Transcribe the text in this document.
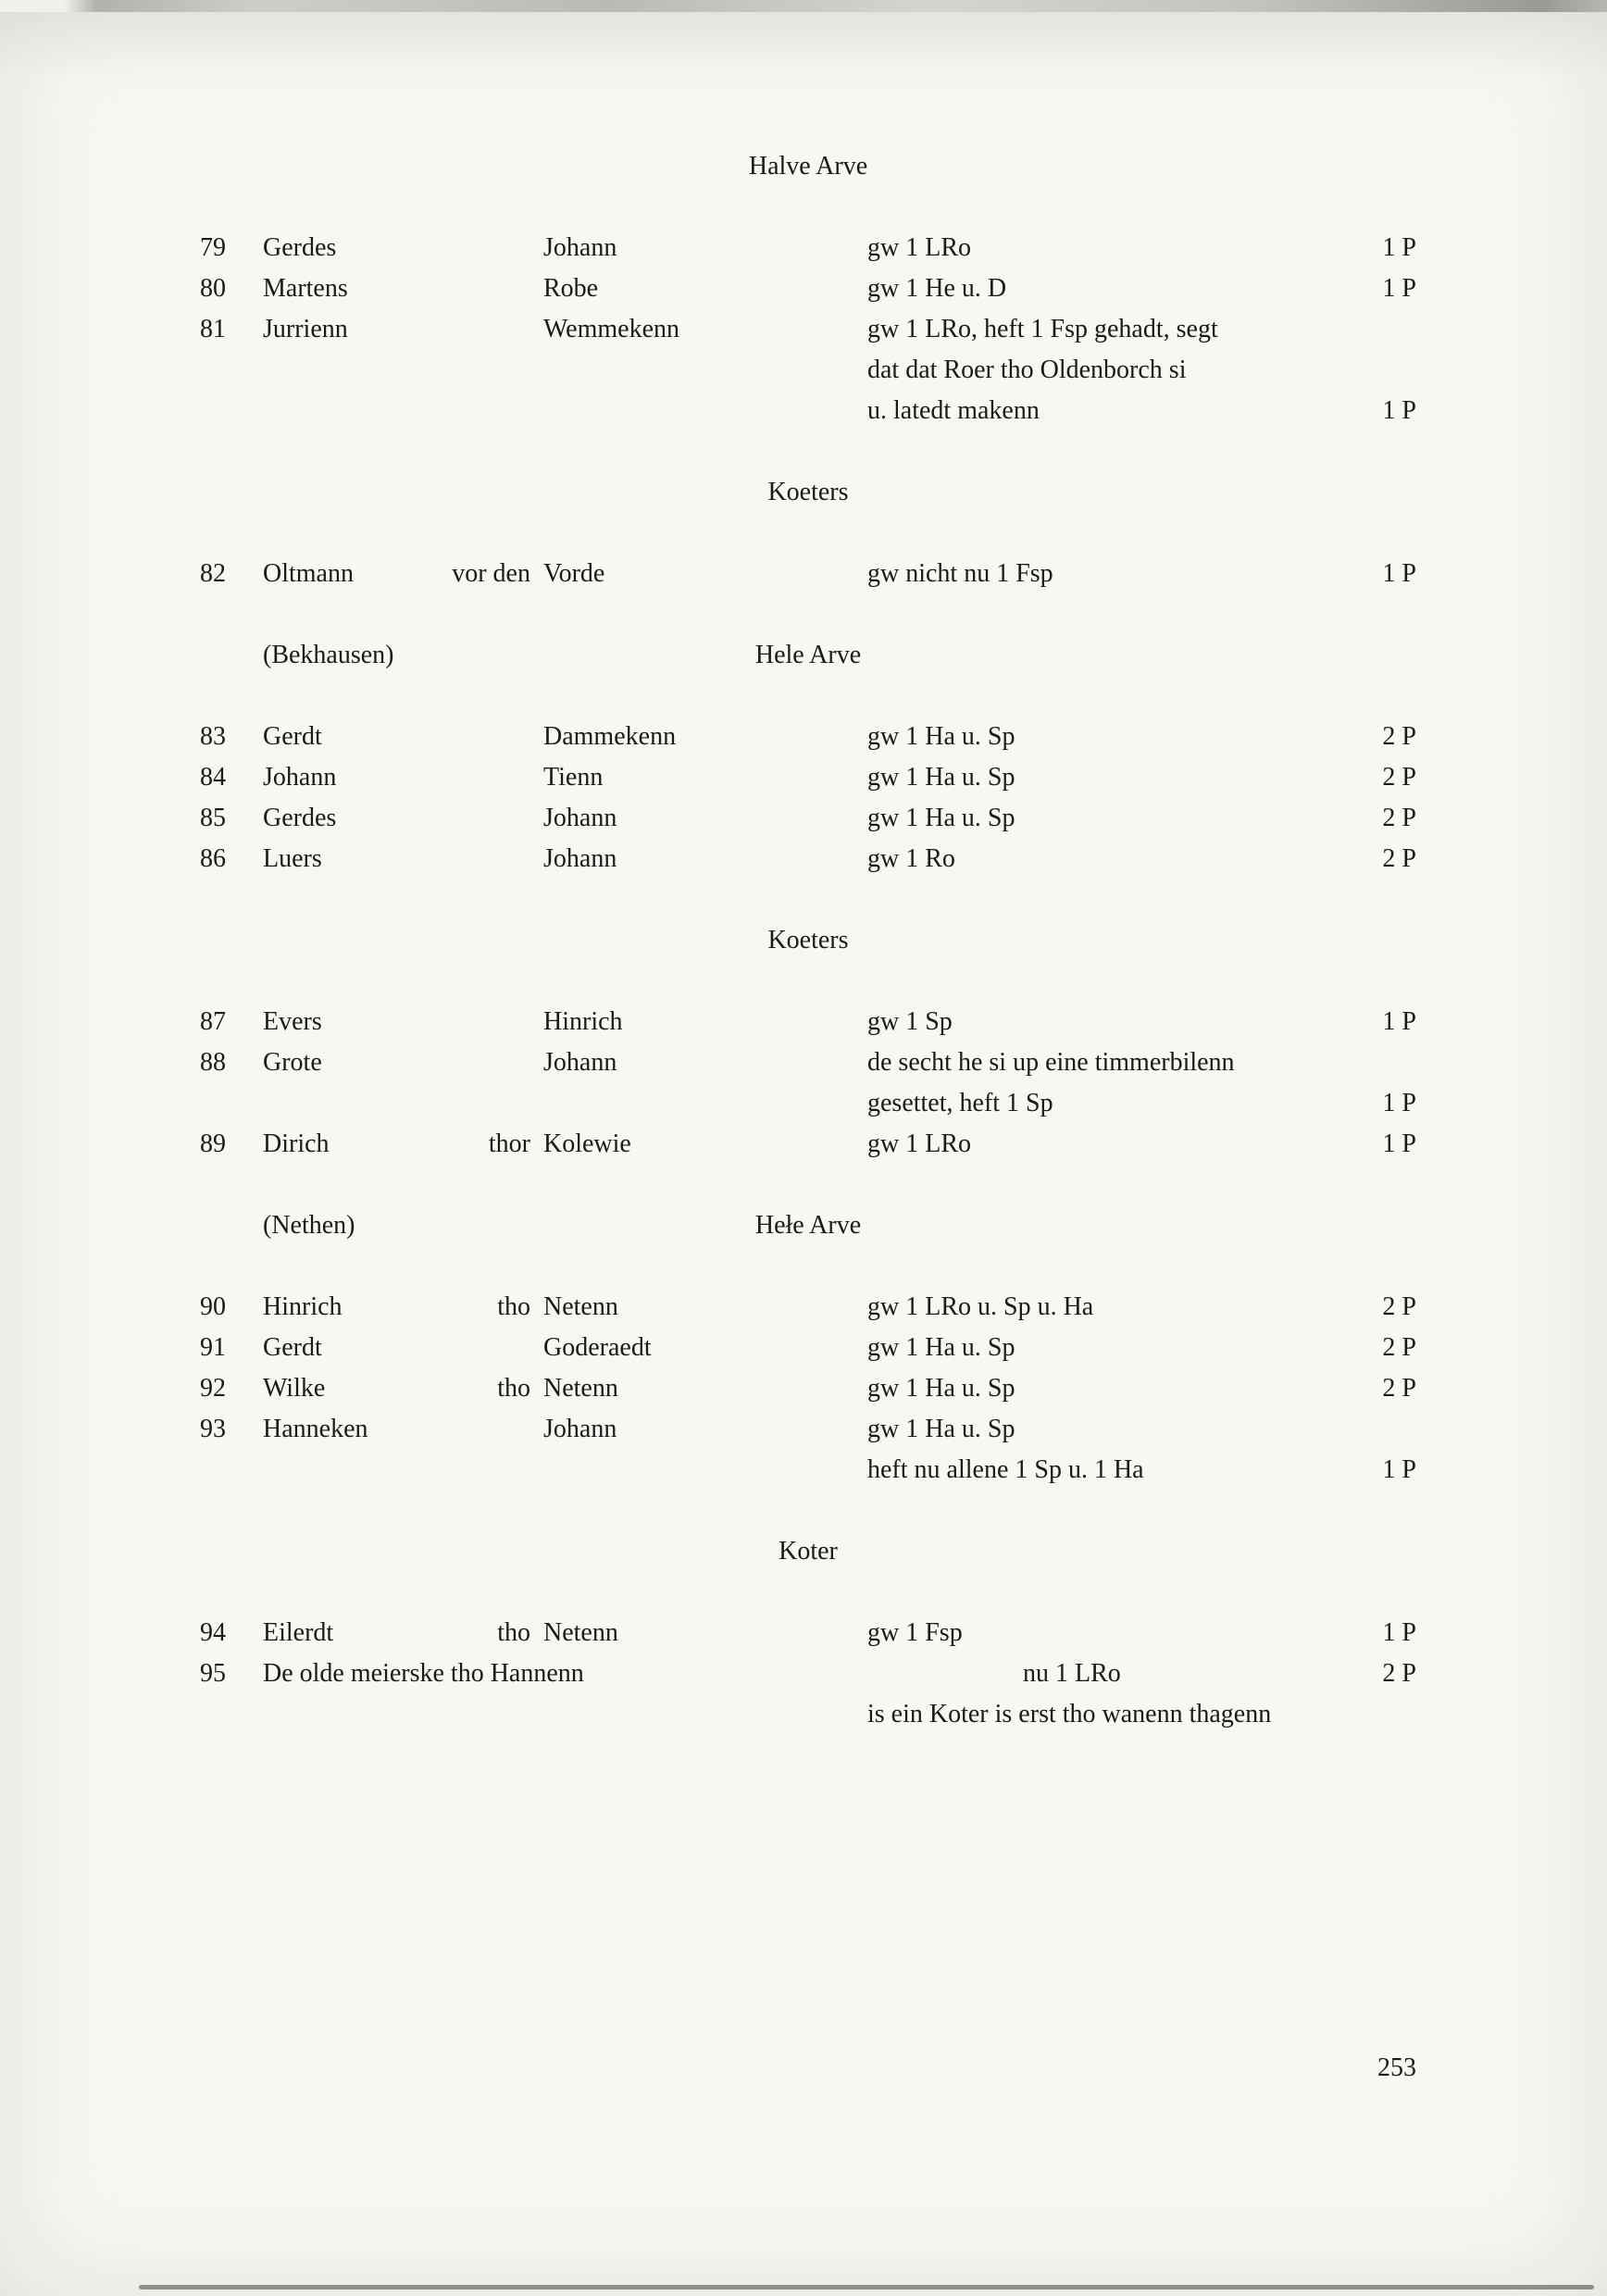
Halve Arve
79	Gerdes	Johann	gw 1 LRo	1 P
80	Martens	Robe	gw 1 He u. D	1 P
81	Jurrienn	Wemmekenn	gw 1 LRo, heft 1 Fsp gehadt, segt
dat dat Roer tho Oldenborch si
u. latedt makenn	1 P
Koeters
82	Oltmann	vor den Vorde	gw nicht nu 1 Fsp	1 P
(Bekhausen)	Hele Arve
83	Gerdt	Dammekenn	gw 1 Ha u. Sp	2 P
84	Johann	Tienn	gw 1 Ha u. Sp	2 P
85	Gerdes	Johann	gw 1 Ha u. Sp	2 P
86	Luers	Johann	gw 1 Ro	2 P
Koeters
87	Evers	Hinrich	gw 1 Sp	1 P
88	Grote	Johann	de secht he si up eine timmerbilenn
gesettet, heft 1 Sp	1 P
89	Dirich	thor Kolewie	gw 1 LRo	1 P
(Nethen)	Hełe Arve
90	Hinrich	tho Netenn	gw 1 LRo u. Sp u. Ha	2 P
91	Gerdt	Goderaedt	gw 1 Ha u. Sp	2 P
92	Wilke	tho Netenn	gw 1 Ha u. Sp	2 P
93	Hanneken	Johann	gw 1 Ha u. Sp
heft nu allene 1 Sp u. 1 Ha	1 P
Koter
94	Eilerdt	tho Netenn	gw 1 Fsp	1 P
95	De olde meierske tho Hannenn	nu 1 LRo	2 P
is ein Koter is erst tho wanenn thagenn
253
